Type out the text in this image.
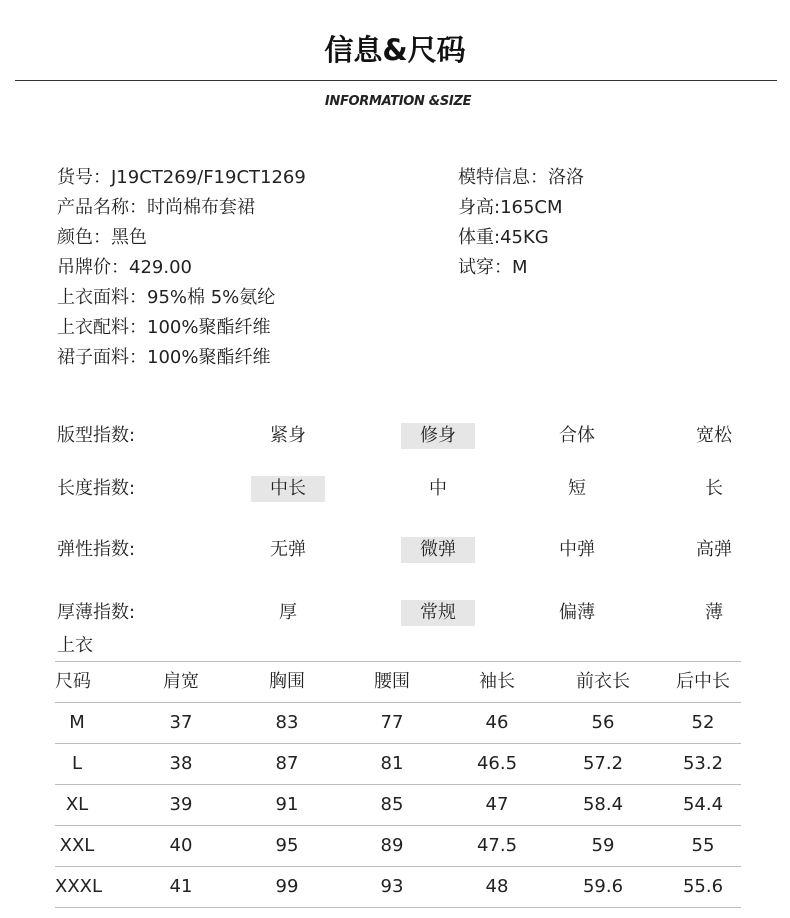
信息&尺码
INFORMATION &SIZE
货号：J19CT269/F19CT1269
产品名称：时尚棉布套裙
颜色：黑色
吊牌价：429.00
上衣面料：95%棉 5%氨纶
上衣配料：100%聚酯纤维
裙子面料：100%聚酯纤维
模特信息：洛洛
身高:165CM
体重:45KG
试穿：M
版型指数:	紧身	修身	合体	宽松
长度指数:	中长	中	短	长
弹性指数:	无弹	微弹	中弹	高弹
厚薄指数:	厚	常规	偏薄	薄
上衣
尺码	肩宽	胸围	腰围	袖长	前衣长	后中长
M	37	83	77	46	56	52
L	38	87	81	46.5	57.2	53.2
XL	39	91	85	47	58.4	54.4
XXL	40	95	89	47.5	59	55
XXXL	41	99	93	48	59.6	55.6
